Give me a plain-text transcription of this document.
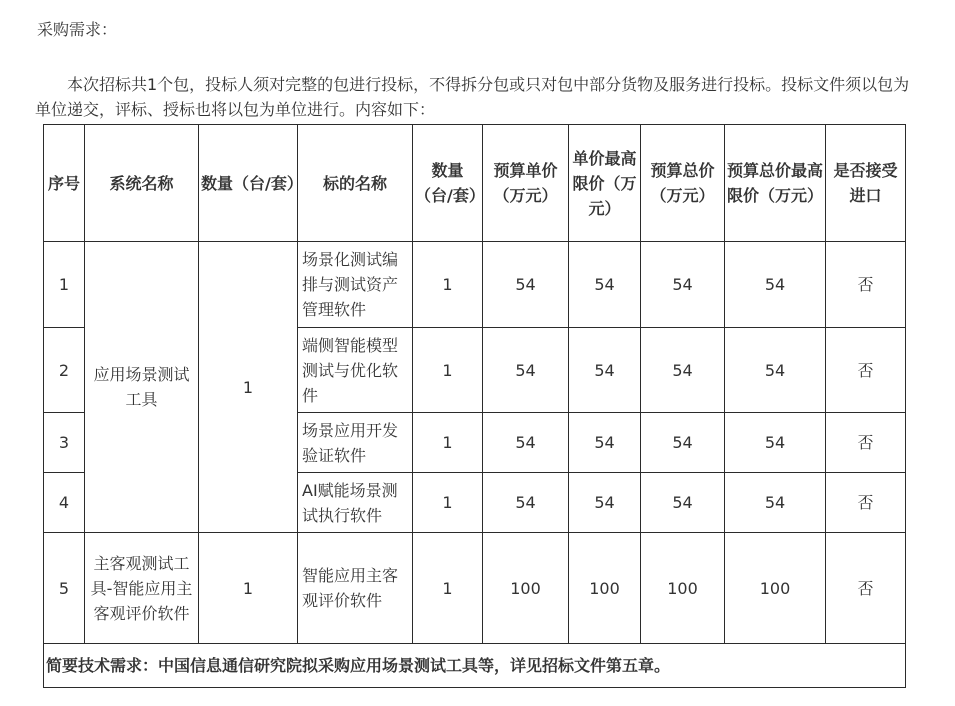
采购需求：

本次招标共1个包，投标人须对完整的包进行投标，不得拆分包或只对包中部分货物及服务进行投标。投标文件须以包为单位递交，评标、授标也将以包为单位进行。内容如下：

序号	系统名称	数量（台/套）	标的名称	数量（台/套）	预算单价（万元）	单价最高限价（万元）	预算总价（万元）	预算总价最高限价（万元）	是否接受进口
1	应用场景测试工具	1	场景化测试编排与测试资产管理软件	1	54	54	54	54	否
2			端侧智能模型测试与优化软件	1	54	54	54	54	否
3			场景应用开发验证软件	1	54	54	54	54	否
4			AI赋能场景测试执行软件	1	54	54	54	54	否
5	主客观测试工具-智能应用主客观评价软件	1	智能应用主客观评价软件	1	100	100	100	100	否
简要技术需求：中国信息通信研究院拟采购应用场景测试工具等，详见招标文件第五章。									
